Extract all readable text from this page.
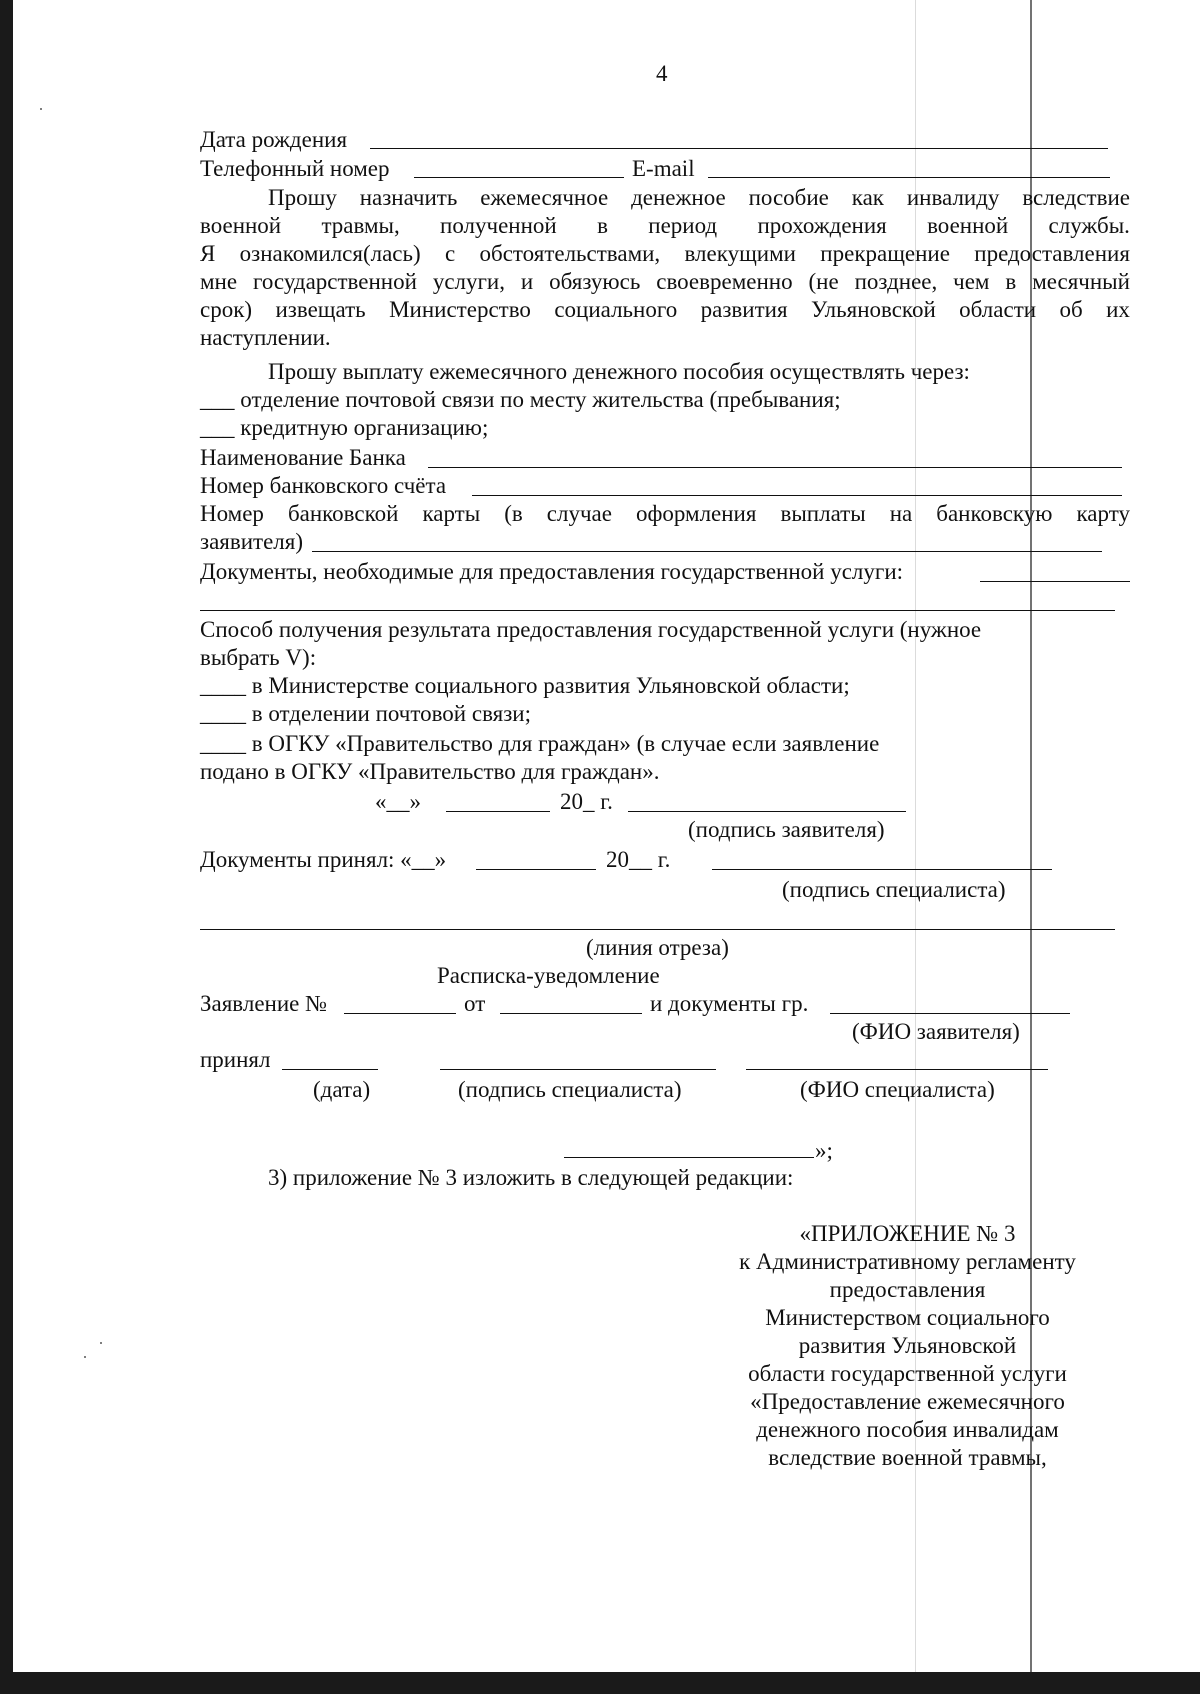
4
Дата рождения
Телефонный номер	E-mail
Прошу назначить ежемесячное денежное пособие как инвалиду вследствие
военной травмы, полученной в период прохождения военной службы.
Я ознакомился(лась) с обстоятельствами, влекущими прекращение предоставления
мне государственной услуги, и обязуюсь своевременно (не позднее, чем в месячный
срок) извещать Министерство социального развития Ульяновской области об их
наступлении.
Прошу выплату ежемесячного денежного пособия осуществлять через:
___ отделение почтовой связи по месту жительства (пребывания;
___ кредитную организацию;
Наименование Банка
Номер банковского счёта
Номер банковской карты (в случае оформления выплаты на банковскую карту
заявителя)
Документы, необходимые для предоставления государственной услуги:
Способ получения результата предоставления государственной услуги (нужное
выбрать V):
____ в Министерстве социального развития Ульяновской области;
____ в отделении почтовой связи;
____ в ОГКУ «Правительство для граждан» (в случае если заявление
подано в ОГКУ «Правительство для граждан».
«__»	20_ г.
(подпись заявителя)
Документы принял: «__»	20__ г.
(подпись специалиста)
(линия отреза)
Расписка-уведомление
Заявление №	от	и документы гр.
(ФИО заявителя)
принял
(дата)	(подпись специалиста)	(ФИО специалиста)
»;
3) приложение № 3 изложить в следующей редакции:
«ПРИЛОЖЕНИЕ № 3
к Административному регламенту
предоставления
Министерством социального
развития Ульяновской
области государственной услуги
«Предоставление ежемесячного
денежного пособия инвалидам
вследствие военной травмы,
